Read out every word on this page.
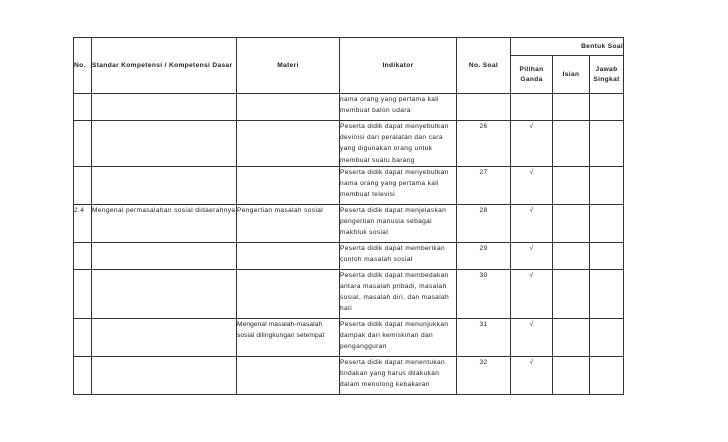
No.	Standar Kompetensi / Kompetensi Dasar	Materi	Indikator	No. Soal	Bentuk Soal		
					Pilihan Ganda	Isian	Jawab Singkat
			nama orang yang pertama kali membuat balon udara				
			Peserta didik dapat menyebutkan devinisi dari peralatan dan cara yang digunakan orang untuk membuat suatu barang	26	√		
			Peserta didik dapat menyebutkan nama orang yang pertama kali membuat televisi	27	√		
2.4	Mengenal permasalahan sosial didaerahnya	Pengertian masalah sosial	Peserta didik dapat menjelaskan pengertian manusia sebagai makhluk sosial	28	√		
			Peserta didik dapat memberikan contoh masalah sosial	29	√		
			Peserta didik dapat membedakan antara masalah pribadi, masalah sosial, masalah diri, dan masalah hati	30	√		
		Mengenal masalah-masalah sosial dilingkungan setempat	Peserta didik dapat menunjukkan dampak dari kemiskinan dan pengangguran	31	√		
			Peserta didik dapat menentukan tindakan yang harus dilakukan dalam menolong kebakaran	32	√		
